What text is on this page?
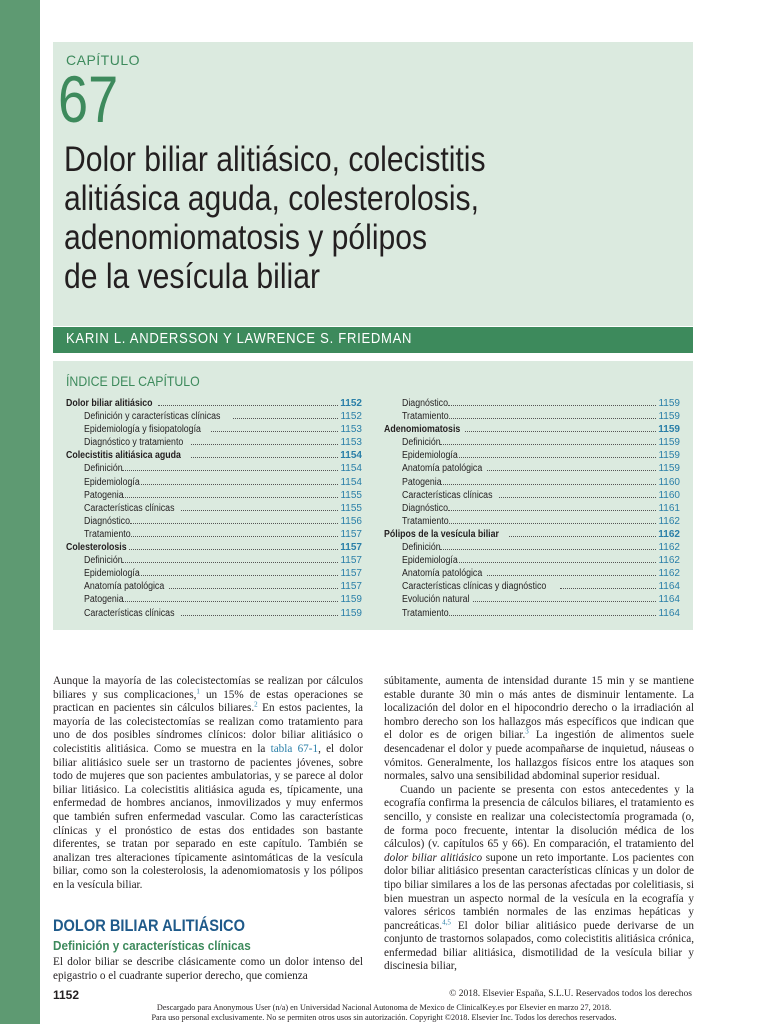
CAPÍTULO
67
Dolor biliar alitiásico, colecistitis
alitiásica aguda, colesterolosis,
adenomiomatosis y pólipos
de la vesícula biliar
KARIN L. ANDERSSON Y LAWRENCE S. FRIEDMAN
ÍNDICE DEL CAPÍTULO
Dolor biliar alitiásico	1152
Definición y características clínicas	1152
Epidemiología y fisiopatología	1153
Diagnóstico y tratamiento	1153
Colecistitis alitiásica aguda	1154
Definición	1154
Epidemiología	1154
Patogenia	1155
Características clínicas	1155
Diagnóstico	1156
Tratamiento	1157
Colesterolosis	1157
Definición	1157
Epidemiología	1157
Anatomía patológica	1157
Patogenia	1159
Características clínicas	1159
Diagnóstico	1159
Tratamiento	1159
Adenomiomatosis	1159
Definición	1159
Epidemiología	1159
Anatomía patológica	1159
Patogenia	1160
Características clínicas	1160
Diagnóstico	1161
Tratamiento	1162
Pólipos de la vesícula biliar	1162
Definición	1162
Epidemiología	1162
Anatomía patológica	1162
Características clínicas y diagnóstico	1164
Evolución natural	1164
Tratamiento	1164

Aunque la mayoría de las colecistectomías se realizan por cálculos biliares y sus complicaciones,$^1$ un 15% de estas operaciones se practican en pacientes sin cálculos biliares.$^2$ En estos pacientes, la mayoría de las colecistectomías se realizan como tratamiento para uno de dos posibles síndromes clínicos: dolor biliar alitiásico o colecistitis alitiásica. Como se muestra en la tabla 67-1, el dolor biliar alitiásico suele ser un trastorno de pacientes jóvenes, sobre todo de mujeres que son pacientes ambulatorias, y se parece al dolor biliar litiásico. La colecistitis alitiásica aguda es, típicamente, una enfermedad de hombres ancianos, inmovilizados y muy enfermos que también sufren enfermedad vascular. Como las características clínicas y el pronóstico de estas dos entidades son bastante diferentes, se tratan por separado en este capítulo. También se analizan tres alteraciones típicamente asintomáticas de la vesícula biliar, como son la colesterolosis, la adenomiomatosis y los pólipos en la vesícula biliar.

DOLOR BILIAR ALITIÁSICO
Definición y características clínicas

El dolor biliar se describe clásicamente como un dolor intenso del epigastrio o el cuadrante superior derecho, que comienza

súbitamente, aumenta de intensidad durante 15 min y se mantiene estable durante 30 min o más antes de disminuir lentamente. La localización del dolor en el hipocondrio derecho o la irradiación al hombro derecho son los hallazgos más específicos que indican que el dolor es de origen biliar.$^3$ La ingestión de alimentos suele desencadenar el dolor y puede acompañarse de inquietud, náuseas o vómitos. Generalmente, los hallazgos físicos entre los ataques son normales, salvo una sensibilidad abdominal superior residual.

Cuando un paciente se presenta con estos antecedentes y la ecografía confirma la presencia de cálculos biliares, el tratamiento es sencillo, y consiste en realizar una colecistectomía programada (o, de forma poco frecuente, intentar la disolución médica de los cálculos) (v. capítulos 65 y 66). En comparación, el tratamiento del dolor biliar alitiásico supone un reto importante. Los pacientes con dolor biliar alitiásico presentan características clínicas y un dolor de tipo biliar similares a los de las personas afectadas por colelitiasis, si bien muestran un aspecto normal de la vesícula en la ecografía y valores séricos también normales de las enzimas hepáticas y pancreáticas.$^{4,5}$ El dolor biliar alitiásico puede derivarse de un conjunto de trastornos solapados, como colecistitis alitiásica crónica, enfermedad biliar alitiásica, dismotilidad de la vesícula biliar y discinesia biliar,

1152	© 2018. Elsevier España, S.L.U. Reservados todos los derechos
Descargado para Anonymous User (n/a) en Universidad Nacional Autonoma de Mexico de ClinicalKey.es por Elsevier en marzo 27, 2018.
Para uso personal exclusivamente. No se permiten otros usos sin autorización. Copyright ©2018. Elsevier Inc. Todos los derechos reservados.
